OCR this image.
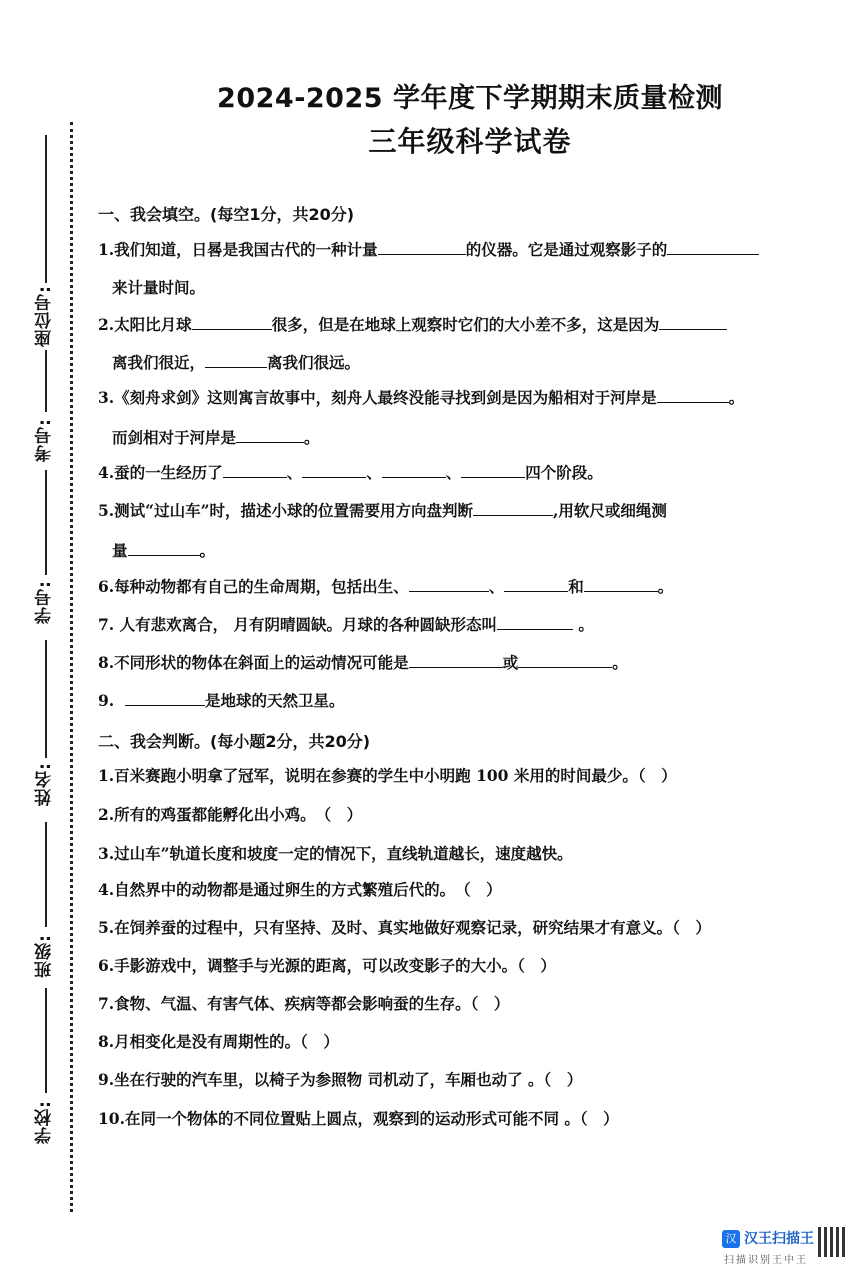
座位号:
考号:
学号:
姓名:
班级:
学校:
2024-2025 学年度下学期期末质量检测
三年级科学试卷
一、我会填空。(每空1分，共20分)
1.我们知道，日晷是我国古代的一种计量	的仪器。它是通过观察影子的
来计量时间。
2.太阳比月球	很多，但是在地球上观察时它们的大小差不多，这是因为
离我们很近，	离我们很远。
3.《刻舟求剑》这则寓言故事中，刻舟人最终没能寻找到剑是因为船相对于河岸是	。
而剑相对于河岸是	。
4.蚕的一生经历了	、	、	、	四个阶段。
5.测试“过山车”时，描述小球的位置需要用方向盘判断	,用软尺或细绳测
量	。
6.每种动物都有自己的生命周期，包括出生、	、	和	。
7. 人有悲欢离合， 月有阴晴圆缺。月球的各种圆缺形态叫	。
8.不同形状的物体在斜面上的运动情况可能是	或	。
9.	是地球的天然卫星。
二、我会判断。(每小题2分，共20分)
1.百米赛跑小明拿了冠军，说明在参赛的学生中小明跑 100 米用的时间最少。（　）
2.所有的鸡蛋都能孵化出小鸡。　（　）
3.过山车”轨道长度和坡度一定的情况下，直线轨道越长，速度越快。
4.自然界中的动物都是通过卵生的方式繁殖后代的。　（　）
5.在饲养蚕的过程中，只有坚持、及时、真实地做好观察记录，研究结果才有意义。（　）
6.手影游戏中，调整手与光源的距离，可以改变影子的大小。（　）
7.食物、气温、有害气体、疾病等都会影响蚕的生存。（　）
8.月相变化是没有周期性的。（　）
9.坐在行驶的汽车里，以椅子为参照物 司机动了，车厢也动了 。（　）
10.在同一个物体的不同位置贴上圆点，观察到的运动形式可能不同 。（　）
汉 汉王扫描王
扫描识别王中王
